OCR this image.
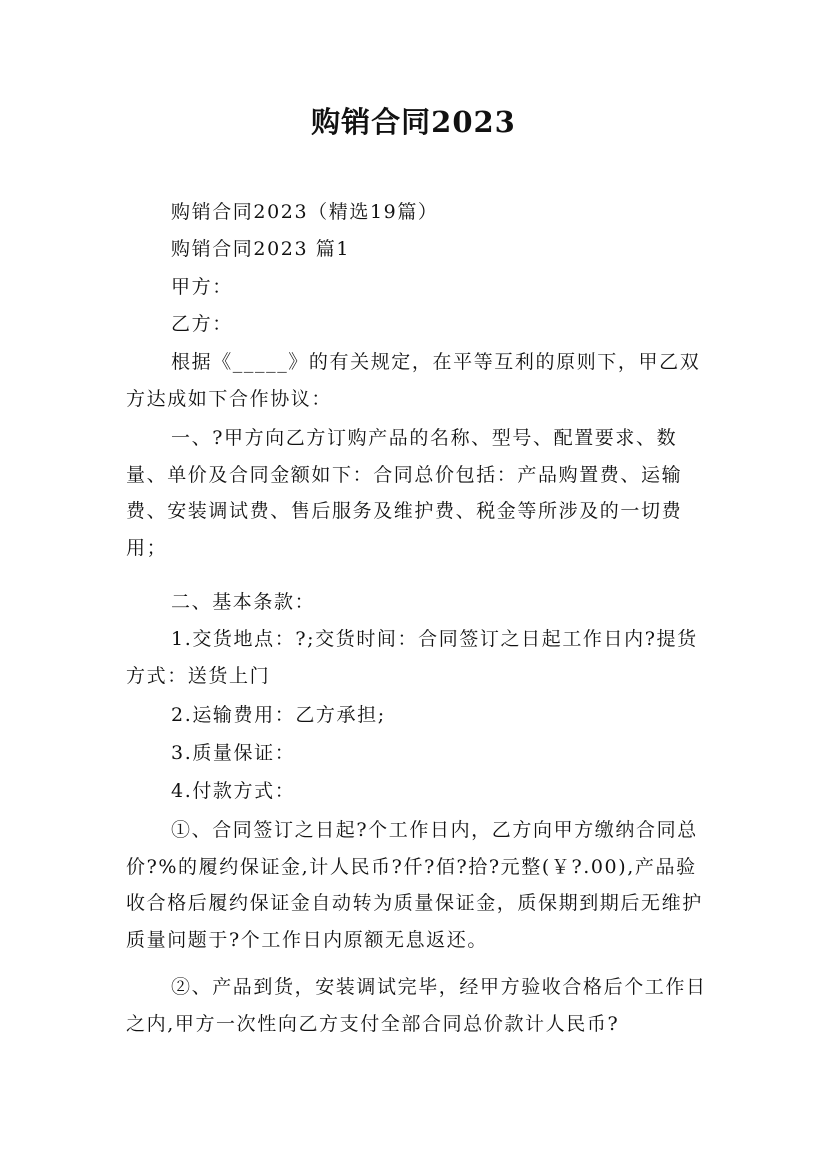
购销合同2023

购销合同2023（精选19篇）

购销合同2023 篇1

甲方：

乙方：

根据《_____》的有关规定，在平等互利的原则下，甲乙双方达成如下合作协议：

一、?甲方向乙方订购产品的名称、型号、配置要求、数量、单价及合同金额如下：合同总价包括：产品购置费、运输费、安装调试费、售后服务及维护费、税金等所涉及的一切费用；

二、基本条款：

1.交货地点：?;交货时间：合同签订之日起工作日内?提货方式：送货上门

2.运输费用：乙方承担;

3.质量保证：

4.付款方式：

①、合同签订之日起?个工作日内，乙方向甲方缴纳合同总价?%的履约保证金,计人民币?仟?佰?拾?元整(￥?.00),产品验收合格后履约保证金自动转为质量保证金，质保期到期后无维护质量问题于?个工作日内原额无息返还。

②、产品到货，安装调试完毕，经甲方验收合格后个工作日之内,甲方一次性向乙方支付全部合同总价款计人民币?
